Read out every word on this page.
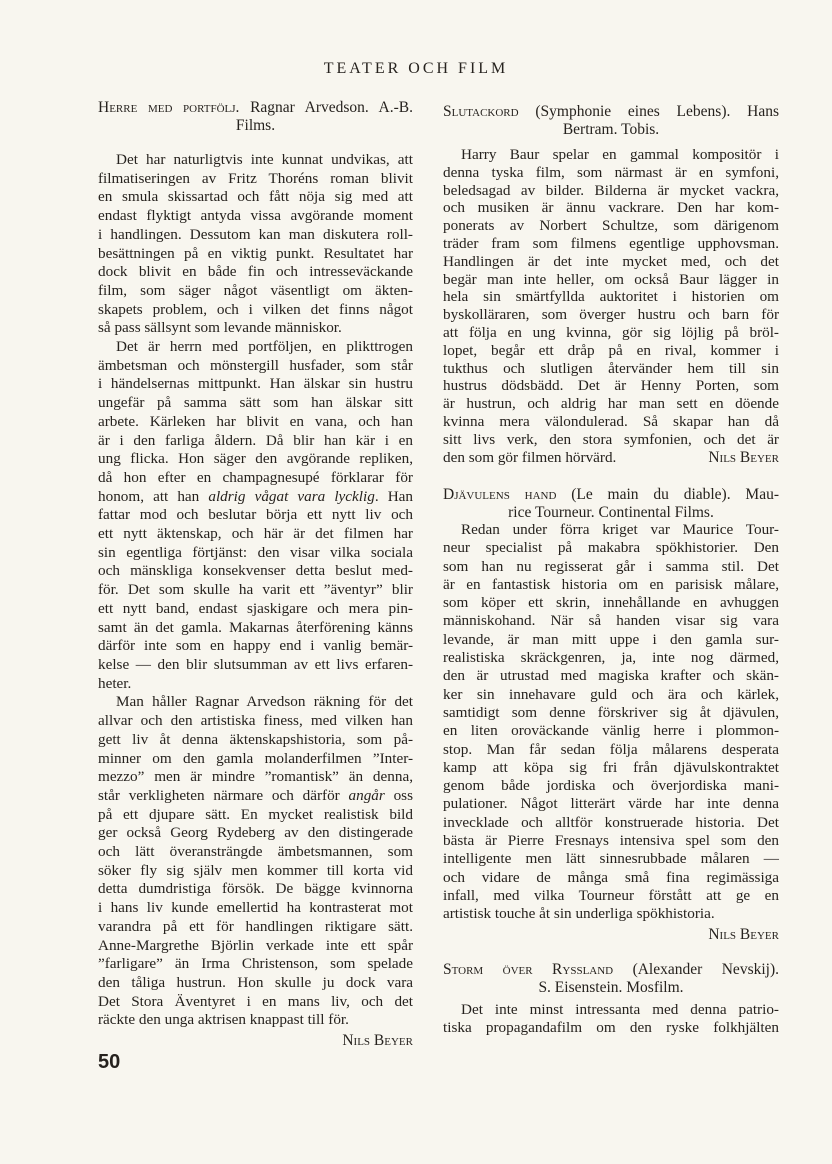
TEATER OCH FILM
Herre med portfölj. Ragnar Arvedson. A.-B.
Films.
Det har naturligtvis inte kunnat undvikas, att
filmatiseringen av Fritz Thoréns roman blivit
en smula skissartad och fått nöja sig med att
endast flyktigt antyda vissa avgörande moment
i handlingen. Dessutom kan man diskutera roll-
besättningen på en viktig punkt. Resultatet har
dock blivit en både fin och intresseväckande
film, som säger något väsentligt om äkten-
skapets problem, och i vilken det finns något
så pass sällsynt som levande människor.
Det är herrn med portföljen, en plikttrogen
ämbetsman och mönstergill husfader, som står
i händelsernas mittpunkt. Han älskar sin hustru
ungefär på samma sätt som han älskar sitt
arbete. Kärleken har blivit en vana, och han
är i den farliga åldern. Då blir han kär i en
ung flicka. Hon säger den avgörande repliken,
då hon efter en champagnesupé förklarar för
honom, att han aldrig vågat vara lycklig. Han
fattar mod och beslutar börja ett nytt liv och
ett nytt äktenskap, och här är det filmen har
sin egentliga förtjänst: den visar vilka sociala
och mänskliga konsekvenser detta beslut med-
för. Det som skulle ha varit ett ”äventyr” blir
ett nytt band, endast sjaskigare och mera pin-
samt än det gamla. Makarnas återförening känns
därför inte som en happy end i vanlig bemär-
kelse — den blir slutsumman av ett livs erfaren-
heter.
Man håller Ragnar Arvedson räkning för det
allvar och den artistiska finess, med vilken han
gett liv åt denna äktenskapshistoria, som på-
minner om den gamla molanderfilmen ”Inter-
mezzo” men är mindre ”romantisk” än denna,
står verkligheten närmare och därför angår oss
på ett djupare sätt. En mycket realistisk bild
ger också Georg Rydeberg av den distingerade
och lätt överansträngde ämbetsmannen, som
söker fly sig själv men kommer till korta vid
detta dumdristiga försök. De bägge kvinnorna
i hans liv kunde emellertid ha kontrasterat mot
varandra på ett för handlingen riktigare sätt.
Anne-Margrethe Björlin verkade inte ett spår
”farligare” än Irma Christenson, som spelade
den tåliga hustrun. Hon skulle ju dock vara
Det Stora Äventyret i en mans liv, och det
räckte den unga aktrisen knappast till för.
Nils Beyer
Slutackord (Symphonie eines Lebens). Hans
Bertram. Tobis.
Harry Baur spelar en gammal kompositör i
denna tyska film, som närmast är en symfoni,
beledsagad av bilder. Bilderna är mycket vackra,
och musiken är ännu vackrare. Den har kom-
ponerats av Norbert Schultze, som därigenom
träder fram som filmens egentlige upphovsman.
Handlingen är det inte mycket med, och det
begär man inte heller, om också Baur lägger in
hela sin smärtfyllda auktoritet i historien om
byskolläraren, som överger hustru och barn för
att följa en ung kvinna, gör sig löjlig på bröl-
lopet, begår ett dråp på en rival, kommer i
tukthus och slutligen återvänder hem till sin
hustrus dödsbädd. Det är Henny Porten, som
är hustrun, och aldrig har man sett en döende
kvinna mera välondulerad. Så skapar han då
sitt livs verk, den stora symfonien, och det är
den som gör filmen hörvärd.	Nils Beyer
Djävulens hand (Le main du diable). Mau-
rice Tourneur. Continental Films.
Redan under förra kriget var Maurice Tour-
neur specialist på makabra spökhistorier. Den
som han nu regisserat går i samma stil. Det
är en fantastisk historia om en parisisk målare,
som köper ett skrin, innehållande en avhuggen
människohand. När så handen visar sig vara
levande, är man mitt uppe i den gamla sur-
realistiska skräckgenren, ja, inte nog därmed,
den är utrustad med magiska krafter och skän-
ker sin innehavare guld och ära och kärlek,
samtidigt som denne förskriver sig åt djävulen,
en liten oroväckande vänlig herre i plommon-
stop. Man får sedan följa målarens desperata
kamp att köpa sig fri från djävulskontraktet
genom både jordiska och överjordiska mani-
pulationer. Något litterärt värde har inte denna
invecklade och alltför konstruerade historia. Det
bästa är Pierre Fresnays intensiva spel som den
intelligente men lätt sinnesrubbade målaren —
och vidare de många små fina regimässiga
infall, med vilka Tourneur förstått att ge en
artistisk touche åt sin underliga spökhistoria.
Nils Beyer
Storm över Ryssland (Alexander Nevskij).
S. Eisenstein. Mosfilm.
Det inte minst intressanta med denna patrio-
tiska propagandafilm om den ryske folkhjälten
50
